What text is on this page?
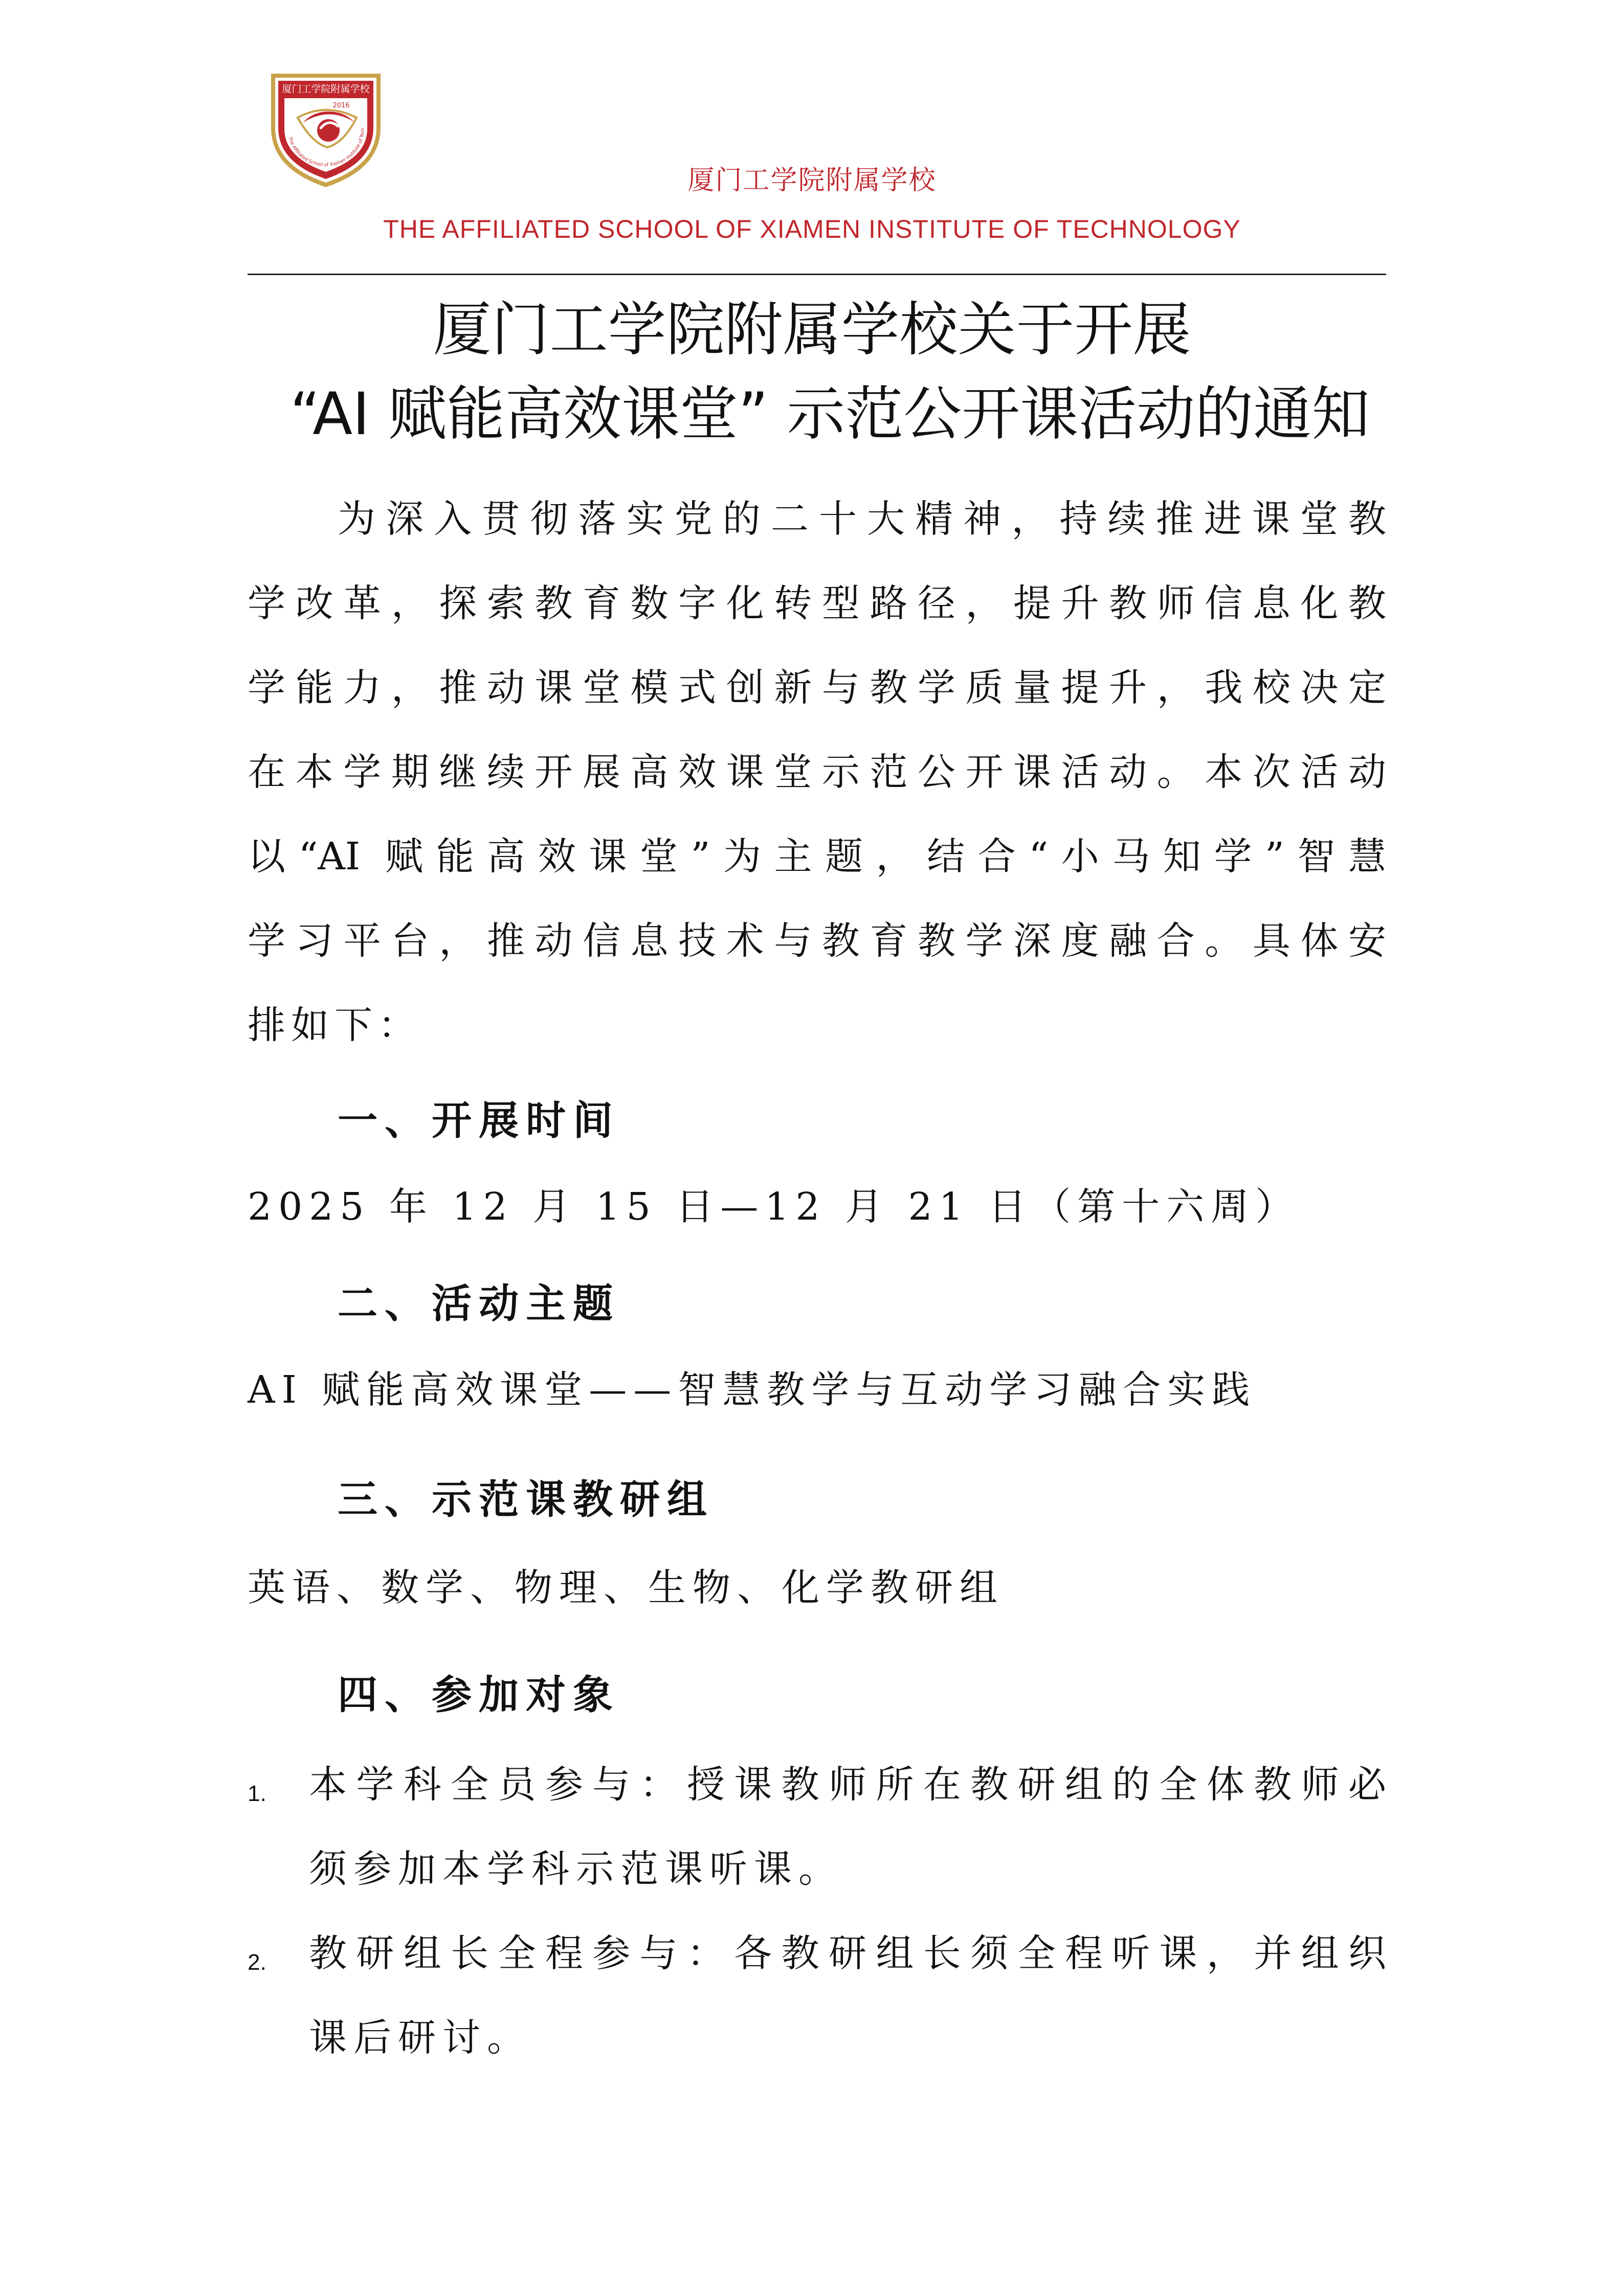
厦门工学院附属学校
2016
The Affiliated School of Xiamen Institute of Tech
厦门工学院附属学校
THE AFFILIATED SCHOOL OF XIAMEN INSTITUTE OF TECHNOLOGY
厦门工学院附属学校关于开展
“AI 赋能高效课堂” 示范公开课活动的通知
为深入贯彻落实党的二十大精神，持续推进课堂教
学改革，探索教育数字化转型路径，提升教师信息化教
学能力，推动课堂模式创新与教学质量提升，我校决定
在本学期继续开展高效课堂示范公开课活动。本次活动
以“AI 赋能高效课堂”为主题，结合“小马知学”智慧
学习平台，推动信息技术与教育教学深度融合。具体安
排如下：
一、开展时间
2025 年 12 月 15 日—12 月 21 日（第十六周）
二、活动主题
AI 赋能高效课堂——智慧教学与互动学习融合实践
三、示范课教研组
英语、数学、物理、生物、化学教研组
四、参加对象
1. 本学科全员参与：授课教师所在教研组的全体教师必
须参加本学科示范课听课。
2. 教研组长全程参与：各教研组长须全程听课，并组织
课后研讨。
